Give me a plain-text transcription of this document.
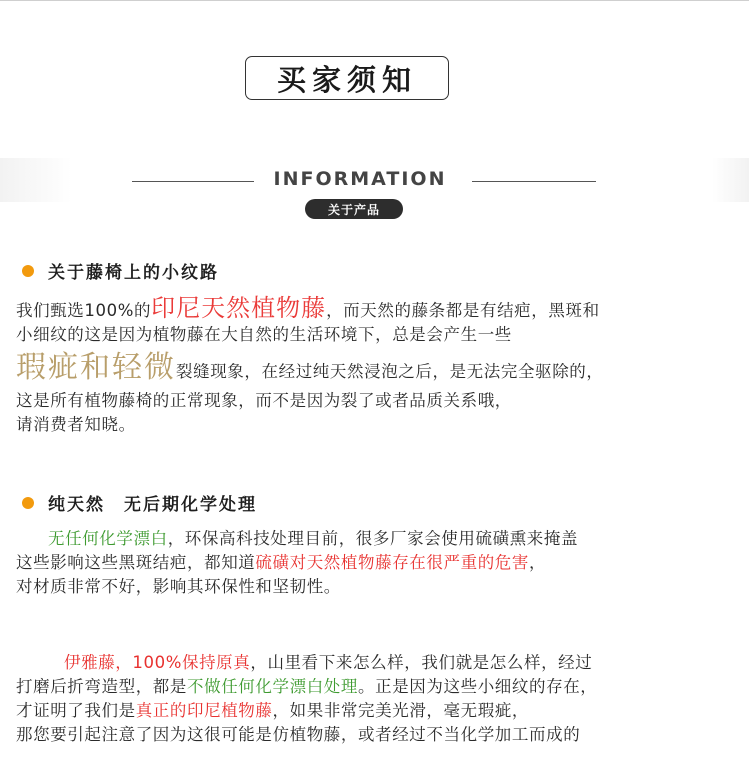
买家须知
INFORMATION
关于产品
关于藤椅上的小纹路
我们甄选100%的印尼天然植物藤，而天然的藤条都是有结疤，黑斑和
小细纹的这是因为植物藤在大自然的生活环境下，总是会产生一些
瑕疵和轻微裂缝现象，在经过纯天然浸泡之后，是无法完全驱除的，
这是所有植物藤椅的正常现象，而不是因为裂了或者品质关系哦，
请消费者知晓。
纯天然　无后期化学处理
无任何化学漂白，环保高科技处理目前，很多厂家会使用硫磺熏来掩盖
这些影响这些黑斑结疤，都知道硫磺对天然植物藤存在很严重的危害，
对材质非常不好，影响其环保性和坚韧性。
伊雅藤，100%保持原真，山里看下来怎么样，我们就是怎么样，经过
打磨后折弯造型，都是不做任何化学漂白处理。正是因为这些小细纹的存在，
才证明了我们是真正的印尼植物藤，如果非常完美光滑，毫无瑕疵，
那您要引起注意了因为这很可能是仿植物藤，或者经过不当化学加工而成的
